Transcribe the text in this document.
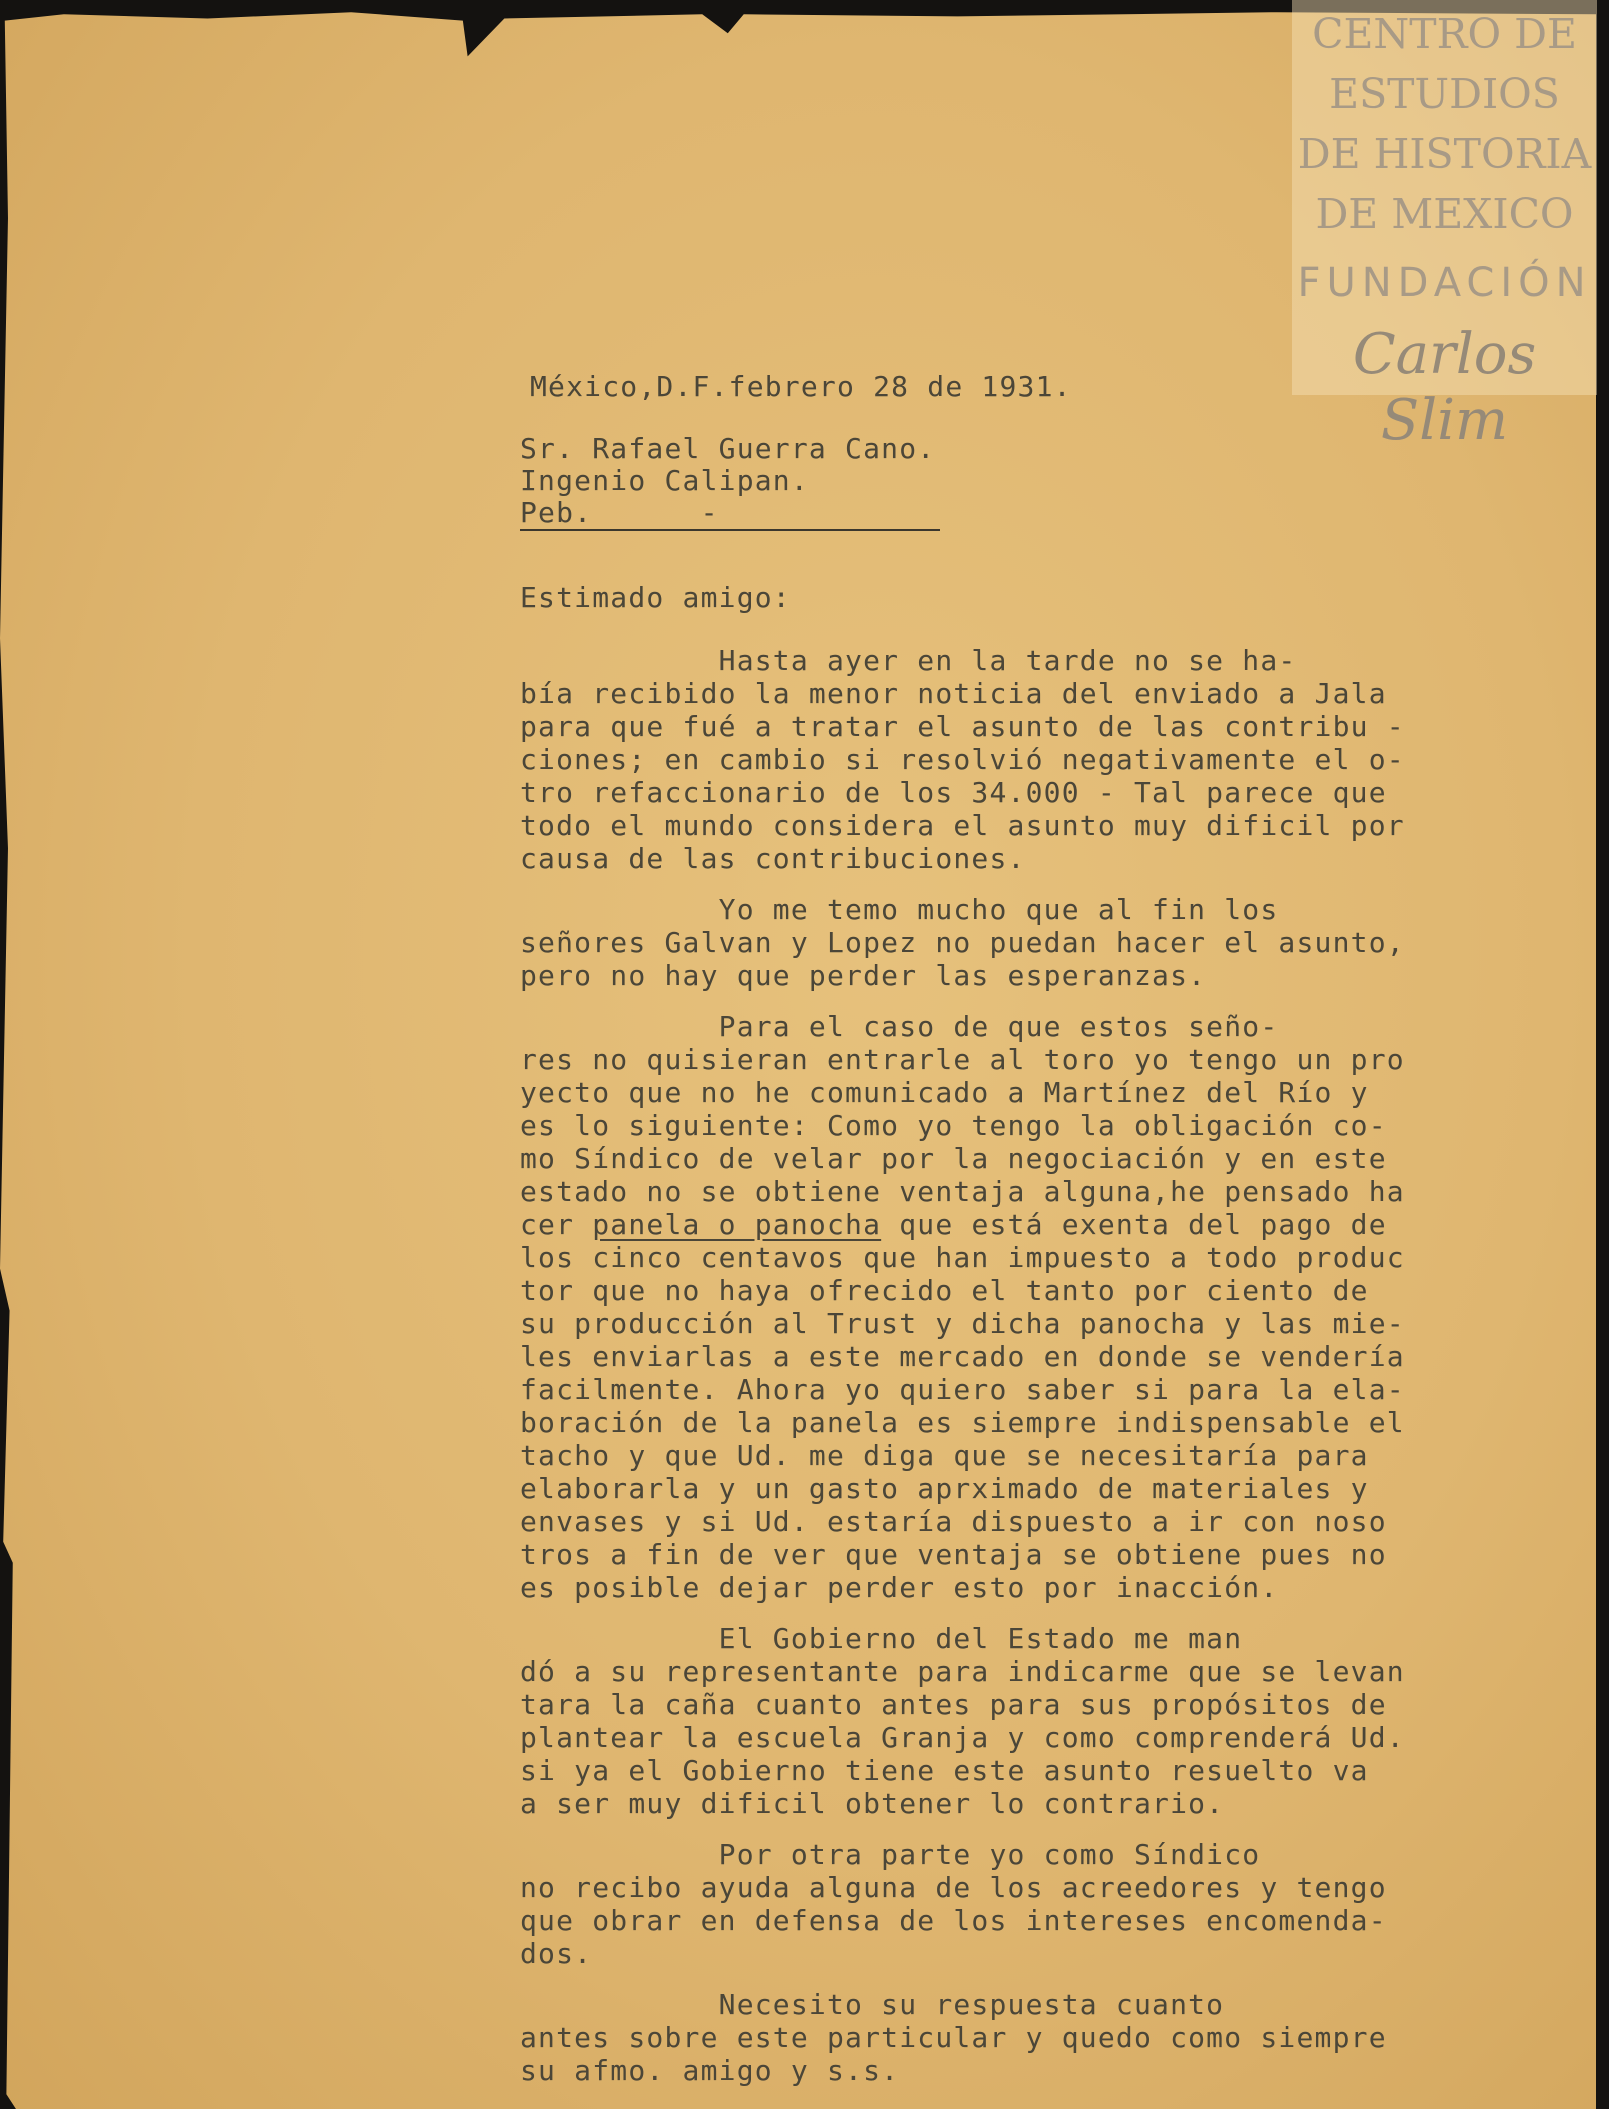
CENTRO DE
ESTUDIOS
DE HISTORIA
DE MEXICO
FUNDACIÓN
Carlos Slim
México,D.F.febrero 28 de 1931.
Sr. Rafael Guerra Cano.
Ingenio Calipan.
Peb.      -
Estimado amigo:
Hasta ayer en la tarde no se ha-
bía recibido la menor noticia del enviado a Jala
para que fué a tratar el asunto de las contribu -
ciones; en cambio si resolvió negativamente el o-
tro refaccionario de los 34.000 - Tal parece que
todo el mundo considera el asunto muy dificil por
causa de las contribuciones.
Yo me temo mucho que al fin los
señores Galvan y Lopez no puedan hacer el asunto,
pero no hay que perder las esperanzas.
Para el caso de que estos seño-
res no quisieran entrarle al toro yo tengo un pro
yecto que no he comunicado a Martínez del Río y
es lo siguiente: Como yo tengo la obligación co-
mo Síndico de velar por la negociación y en este
estado no se obtiene ventaja alguna,he pensado ha
cer panela o panocha que está exenta del pago de
los cinco centavos que han impuesto a todo produc
tor que no haya ofrecido el tanto por ciento de
su producción al Trust y dicha panocha y las mie-
les enviarlas a este mercado en donde se vendería
facilmente. Ahora yo quiero saber si para la ela-
boración de la panela es siempre indispensable el
tacho y que Ud. me diga que se necesitaría para
elaborarla y un gasto aprximado de materiales y
envases y si Ud. estaría dispuesto a ir con noso
tros a fin de ver que ventaja se obtiene pues no
es posible dejar perder esto por inacción.
El Gobierno del Estado me man
dó a su representante para indicarme que se levan
tara la caña cuanto antes para sus propósitos de
plantear la escuela Granja y como comprenderá Ud.
si ya el Gobierno tiene este asunto resuelto va
a ser muy dificil obtener lo contrario.
Por otra parte yo como Síndico
no recibo ayuda alguna de los acreedores y tengo
que obrar en defensa de los intereses encomenda-
dos.
Necesito su respuesta cuanto
antes sobre este particular y quedo como siempre
su afmo. amigo y s.s.
